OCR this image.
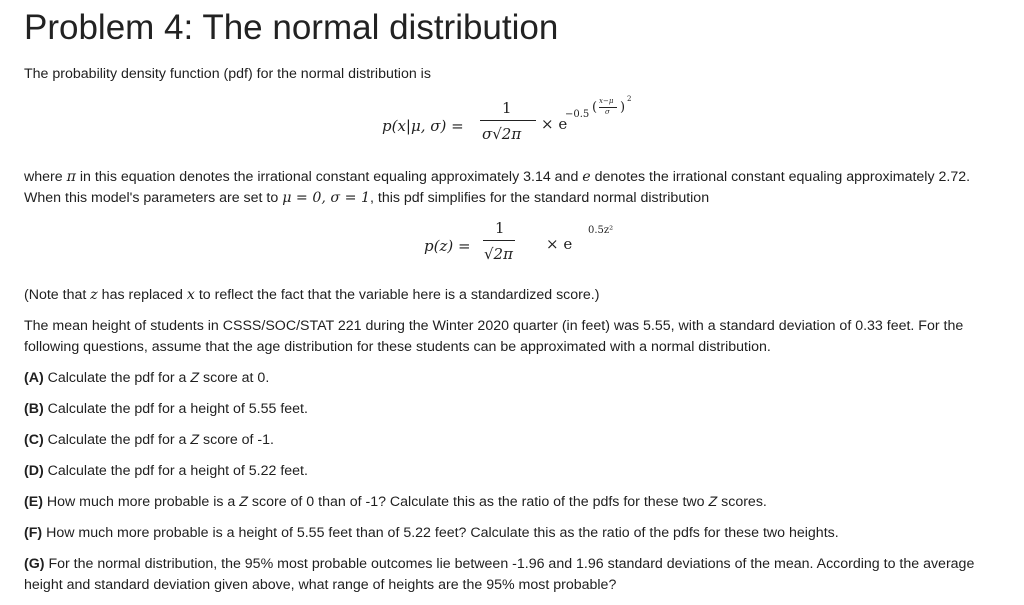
Problem 4: The normal distribution

The probability density function (pdf) for the normal distribution is

p(x|μ, σ) =
1
σ√2π
× e
−0.5 ( x−μ
σ )
2

where π in this equation denotes the irrational constant equaling approximately 3.14 and e denotes the irrational constant equaling approximately 2.72. When this model's parameters are set to μ = 0, σ = 1, this pdf simplifies for the standard normal distribution

p(z) =
1
√2π
× e
0.5z²

(Note that z has replaced x to reflect the fact that the variable here is a standardized score.)

The mean height of students in CSSS/SOC/STAT 221 during the Winter 2020 quarter (in feet) was 5.55, with a standard deviation of 0.33 feet. For the following questions, assume that the age distribution for these students can be approximated with a normal distribution.

(A) Calculate the pdf for a Z score at 0.
(B) Calculate the pdf for a height of 5.55 feet.
(C) Calculate the pdf for a Z score of -1.
(D) Calculate the pdf for a height of 5.22 feet.
(E) How much more probable is a Z score of 0 than of -1? Calculate this as the ratio of the pdfs for these two Z scores.
(F) How much more probable is a height of 5.55 feet than of 5.22 feet? Calculate this as the ratio of the pdfs for these two heights.
(G) For the normal distribution, the 95% most probable outcomes lie between -1.96 and 1.96 standard deviations of the mean. According to the average height and standard deviation given above, what range of heights are the 95% most probable?
